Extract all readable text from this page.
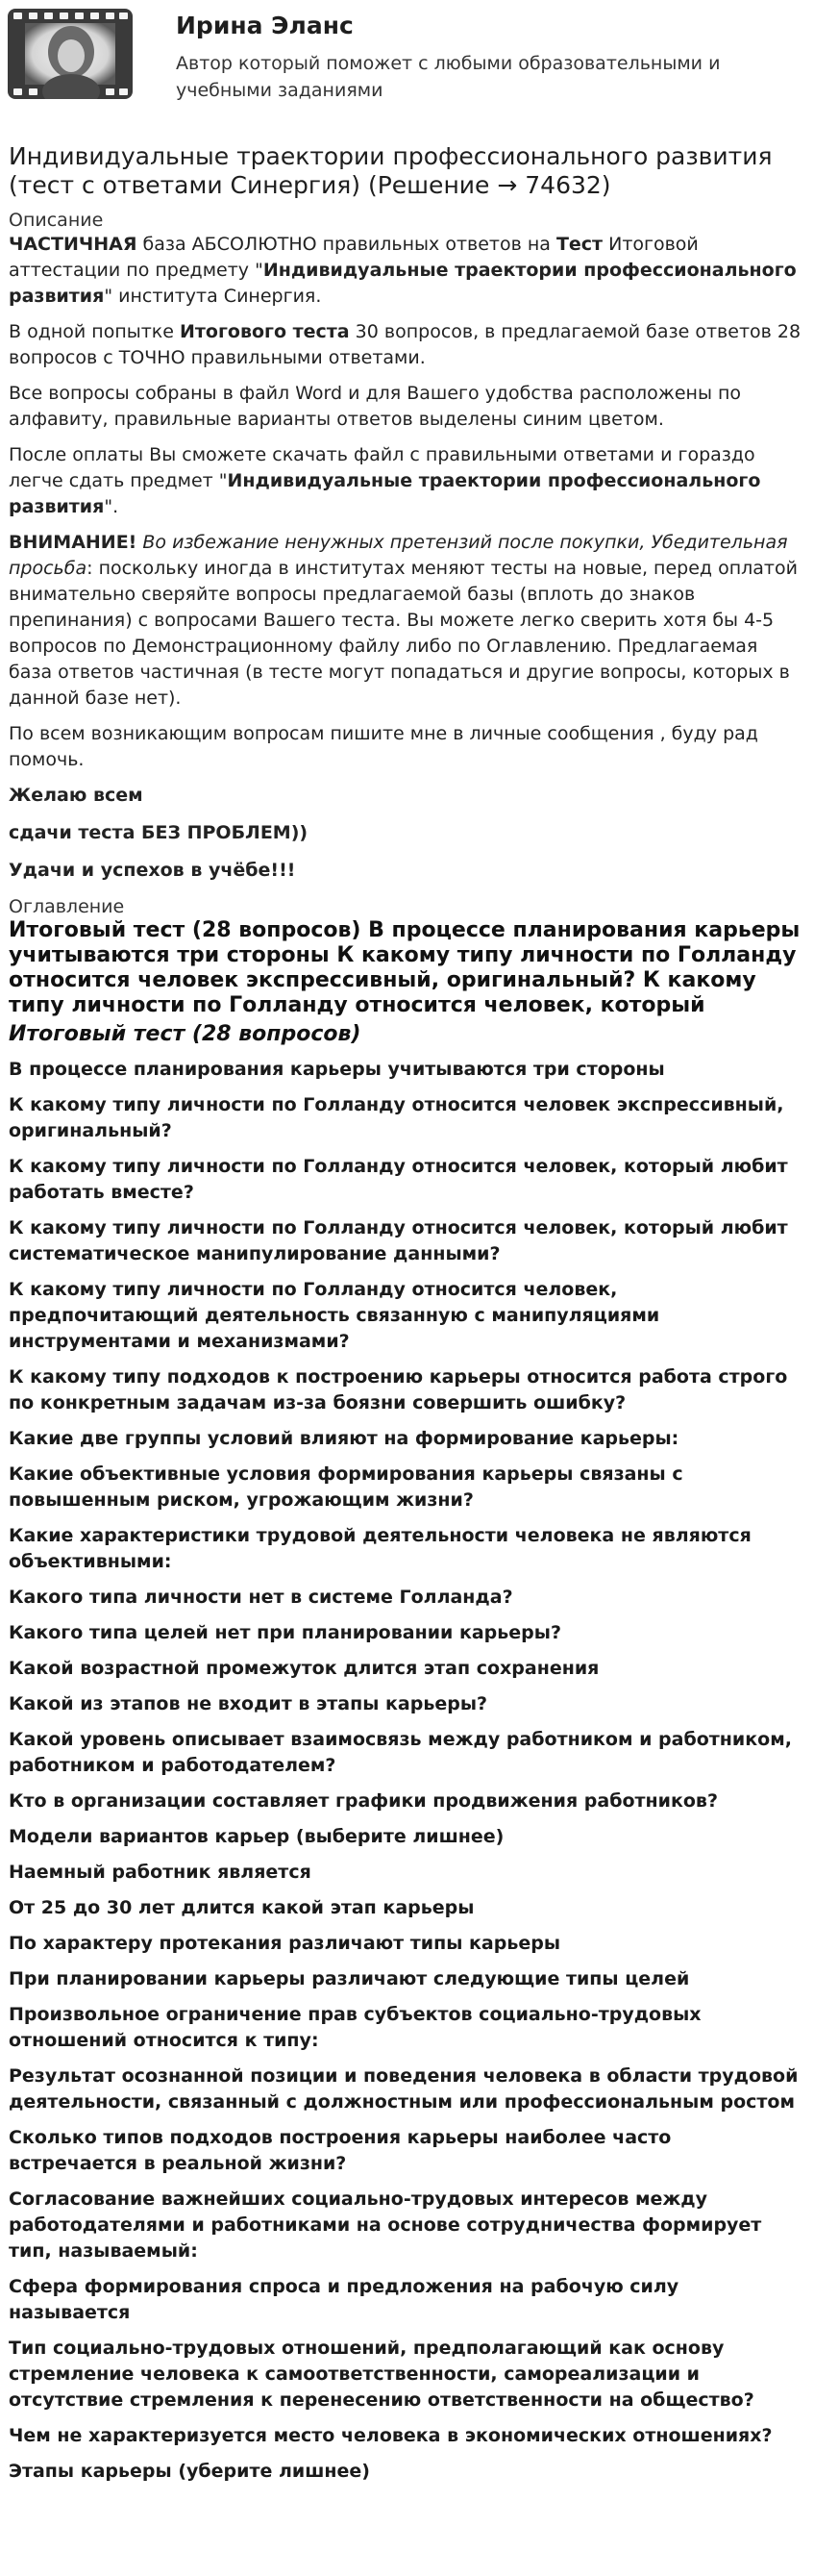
Ирина Эланс

Автор который поможет с любыми образовательными и учебными заданиями

Индивидуальные траектории профессионального развития (тест с ответами Синергия) (Решение → 74632)
Описание

ЧАСТИЧНАЯ база АБСОЛЮТНО правильных ответов на Тест Итоговой аттестации по предмету "Индивидуальные траектории профессионального развития" института Синергия.

В одной попытке Итогового теста 30 вопросов, в предлагаемой базе ответов 28 вопросов с ТОЧНО правильными ответами.

Все вопросы собраны в файл Word и для Вашего удобства расположены по алфавиту, правильные варианты ответов выделены синим цветом.

После оплаты Вы сможете скачать файл с правильными ответами и гораздо легче сдать предмет "Индивидуальные траектории профессионального развития".

ВНИМАНИЕ! Во избежание ненужных претензий после покупки, Убедительная просьба: поскольку иногда в институтах меняют тесты на новые, перед оплатой внимательно сверяйте вопросы предлагаемой базы (вплоть до знаков препинания) с вопросами Вашего теста. Вы можете легко сверить хотя бы 4-5 вопросов по Демонстрационному файлу либо по Оглавлению. Предлагаемая база ответов частичная (в тесте могут попадаться и другие вопросы, которых в данной базе нет).

По всем возникающим вопросам пишите мне в личные сообщения , буду рад помочь.

Желаю всем
сдачи теста БЕЗ ПРОБЛЕМ))
Удачи и успехов в учёбе!!!
Оглавление
Итоговый тест (28 вопросов) В процессе планирования карьеры учитываются три стороны К какому типу личности по Голланду относится человек экспрессивный, оригинальный? К какому типу личности по Голланду относится человек, который
Итоговый тест (28 вопросов)
В процессе планирования карьеры учитываются три стороны
К какому типу личности по Голланду относится человек экспрессивный, оригинальный?
К какому типу личности по Голланду относится человек, который любит работать вместе?
К какому типу личности по Голланду относится человек, который любит систематическое манипулирование данными?
К какому типу личности по Голланду относится человек, предпочитающий деятельность связанную с манипуляциями инструментами и механизмами?
К какому типу подходов к построению карьеры относится работа строго по конкретным задачам из-за боязни совершить ошибку?
Какие две группы условий влияют на формирование карьеры:
Какие объективные условия формирования карьеры связаны с повышенным риском, угрожающим жизни?
Какие характеристики трудовой деятельности человека не являются объективными:
Какого типа личности нет в системе Голланда?
Какого типа целей нет при планировании карьеры?
Какой возрастной промежуток длится этап сохранения
Какой из этапов не входит в этапы карьеры?
Какой уровень описывает взаимосвязь между работником и работником, работником и работодателем?
Кто в организации составляет графики продвижения работников?
Модели вариантов карьер (выберите лишнее)
Наемный работник является
От 25 до 30 лет длится какой этап карьеры
По характеру протекания различают типы карьеры
При планировании карьеры различают следующие типы целей
Произвольное ограничение прав субъектов социально-трудовых отношений относится к типу:
Результат осознанной позиции и поведения человека в области трудовой деятельности, связанный с должностным или профессиональным ростом
Сколько типов подходов построения карьеры наиболее часто встречается в реальной жизни?
Согласование важнейших социально-трудовых интересов между работодателями и работниками на основе сотрудничества формирует тип, называемый:
Сфера формирования спроса и предложения на рабочую силу называется
Тип социально-трудовых отношений, предполагающий как основу стремление человека к самоответственности, самореализации и отсутствие стремления к перенесению ответственности на общество?
Чем не характеризуется место человека в экономических отношениях?
Этапы карьеры (уберите лишнее)
